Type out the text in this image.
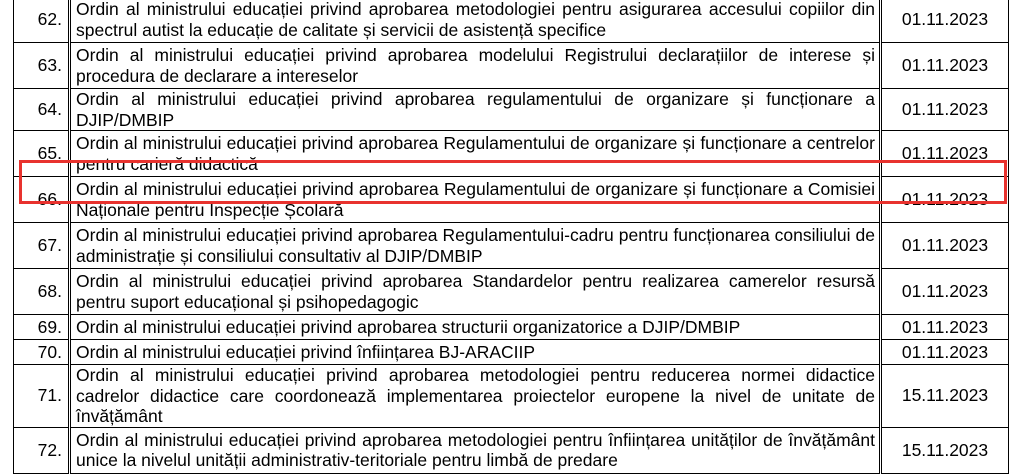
62.	Ordin al ministrului educației privind aprobarea metodologiei pentru asigurarea accesului copiilor din spectrul autist la educație de calitate și servicii de asistență specifice	01.11.2023
63.	Ordin al ministrului educației privind aprobarea modelului Registrului declarațiilor de interese și procedura de declarare a intereselor	01.11.2023
64.	Ordin al ministrului educației privind aprobarea regulamentului de organizare și funcționare a DJIP/DMBIP	01.11.2023
65.	Ordin al ministrului educației privind aprobarea Regulamentului de organizare și funcționare a centrelor pentru carieră didactică	01.11.2023
66.	Ordin al ministrului educației privind aprobarea Regulamentului de organizare și funcționare a Comisiei Naționale pentru Inspecție Școlară	01.11.2023
67.	Ordin al ministrului educației privind aprobarea Regulamentului-cadru pentru funcționarea consiliului de administrație și consiliului consultativ al DJIP/DMBIP	01.11.2023
68.	Ordin al ministrului educației privind aprobarea Standardelor pentru realizarea camerelor resursă pentru suport educațional și psihopedagogic	01.11.2023
69.	Ordin al ministrului educației privind aprobarea structurii organizatorice a DJIP/DMBIP	01.11.2023
70.	Ordin al ministrului educației privind înființarea BJ-ARACIIP	01.11.2023
71.	Ordin al ministrului educației privind aprobarea metodologiei pentru reducerea normei didactice cadrelor didactice care coordonează implementarea proiectelor europene la nivel de unitate de învățământ	15.11.2023
72.	Ordin al ministrului educației privind aprobarea metodologiei pentru înființarea unităților de învățământ unice la nivelul unității administrativ-teritoriale pentru limbă de predare	15.11.2023
